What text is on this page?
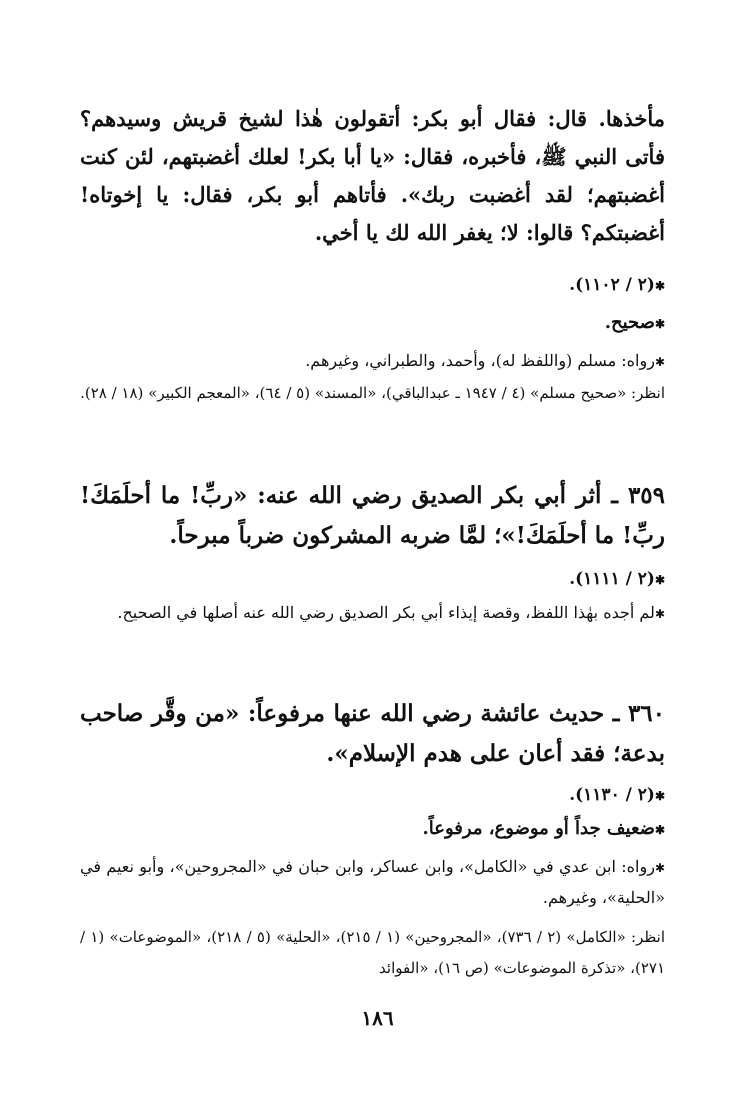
مأخذها. قال: فقال أبو بكر: أتقولون هٰذا لشيخ قريش وسيدهم؟ فأتى النبي ﷺ، فأخبره، فقال: «يا أبا بكر! لعلك أغضبتهم، لئن كنت أغضبتهم؛ لقد أغضبت ربك». فأتاهم أبو بكر، فقال: يا إخوتاه! أغضبتكم؟ قالوا: لا؛ يغفر الله لك يا أخي.

✱ (٢ / ١١٠٢).

✱ صحيح.

✱ رواه: مسلم (واللفظ له)، وأحمد، والطبراني، وغيرهم.

انظر: «صحيح مسلم» (٤ / ١٩٤٧ ـ عبدالباقي)، «المسند» (٥ / ٦٤)، «المعجم الكبير» (١٨ / ٢٨).

٣٥٩ ـ أثر أبي بكر الصديق رضي الله عنه: «ربِّ! ما أحلَمَكَ! ربِّ! ما أحلَمَكَ!»؛ لمَّا ضربه المشركون ضرباً مبرحاً.

✱ (٢ / ١١١١).

✱ لم أجده بهٰذا اللفظ، وقصة إيذاء أبي بكر الصديق رضي الله عنه أصلها في الصحيح.

٣٦٠ ـ حديث عائشة رضي الله عنها مرفوعاً: «من وقَّر صاحب بدعة؛ فقد أعان على هدم الإسلام».

✱ (٢ / ١١٣٠).

✱ ضعيف جداً أو موضوع، مرفوعاً.

✱ رواه: ابن عدي في «الكامل»، وابن عساكر، وابن حبان في «المجروحين»، وأبو نعيم في «الحلية»، وغيرهم.

انظر: «الكامل» (٢ / ٧٣٦)، «المجروحين» (١ / ٢١٥)، «الحلية» (٥ / ٢١٨)، «الموضوعات» (١ / ٢٧١)، «تذكرة الموضوعات» (ص ١٦)، «الفوائد

١٨٦
